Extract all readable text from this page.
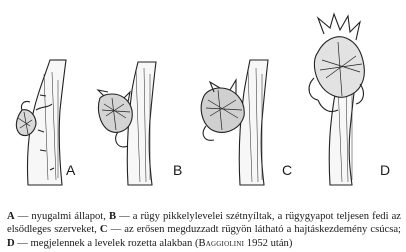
A	B	C	D

A — nyugalmi állapot, B — a rügy pikkelylevelei szétnyíltak, a rügygyapot teljesen fedi az elsődleges szerveket, C — az erősen megduzzadt rügyön látható a hajtáskezdemény csúcsa; D — megjelennek a levelek rozetta alakban (Baggiolini 1952 után)
